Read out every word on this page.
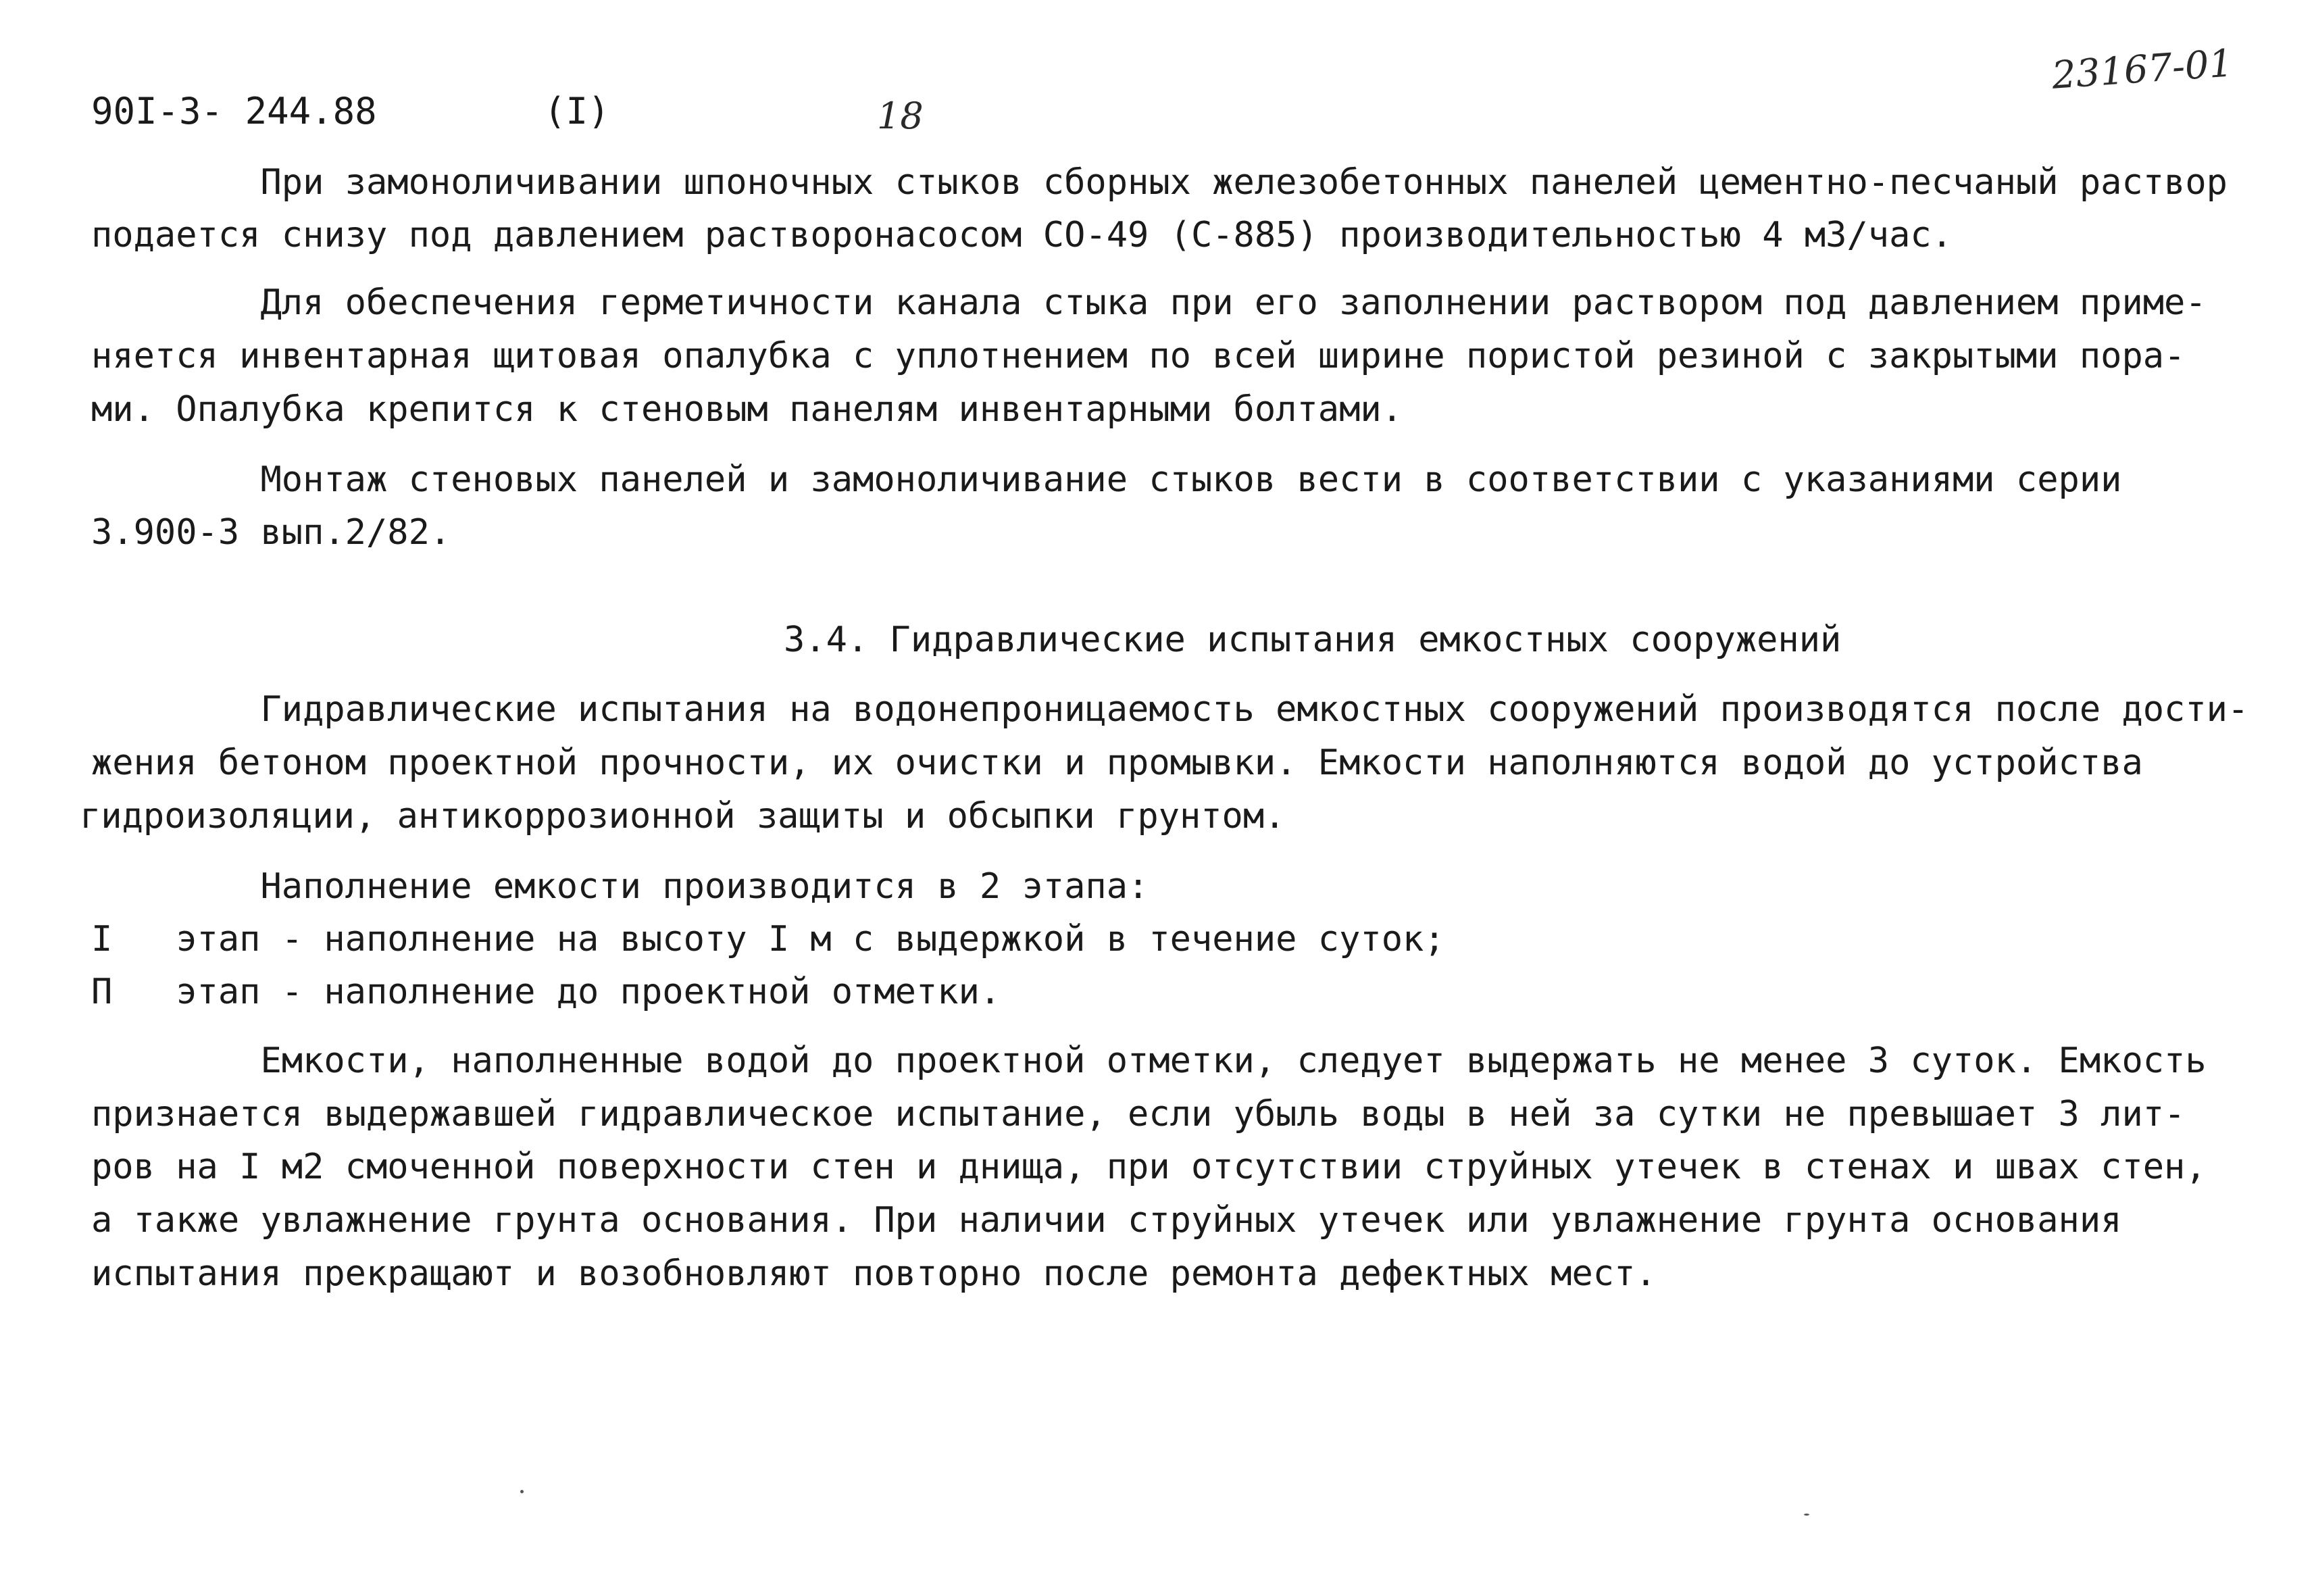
90I-3- 244.88	(I)	18
23167-01
При замоноличивании шпоночных стыков сборных железобетонных панелей цементно-песчаный раствор
подается снизу под давлением растворонасосом СО-49 (С-885) производительностью 4 м3/час.
Для обеспечения герметичности канала стыка при его заполнении раствором под давлением приме-
няется инвентарная щитовая опалубка с уплотнением по всей ширине пористой резиной с закрытыми пора-
ми. Опалубка крепится к стеновым панелям инвентарными болтами.
Монтаж стеновых панелей и замоноличивание стыков вести в соответствии с указаниями серии
3.900-3 вып.2/82.
3.4. Гидравлические испытания емкостных сооружений
Гидравлические испытания на водонепроницаемость емкостных сооружений производятся после дости-
жения бетоном проектной прочности, их очистки и промывки. Емкости наполняются водой до устройства
гидроизоляции, антикоррозионной защиты и обсыпки грунтом.
Наполнение емкости производится в 2 этапа:
I   этап - наполнение на высоту I м с выдержкой в течение суток;
П   этап - наполнение до проектной отметки.
Емкости, наполненные водой до проектной отметки, следует выдержать не менее 3 суток. Емкость
признается выдержавшей гидравлическое испытание, если убыль воды в ней за сутки не превышает 3 лит-
ров на I м2 смоченной поверхности стен и днища, при отсутствии струйных утечек в стенах и швах стен,
а также увлажнение грунта основания. При наличии струйных утечек или увлажнение грунта основания
испытания прекращают и возобновляют повторно после ремонта дефектных мест.
